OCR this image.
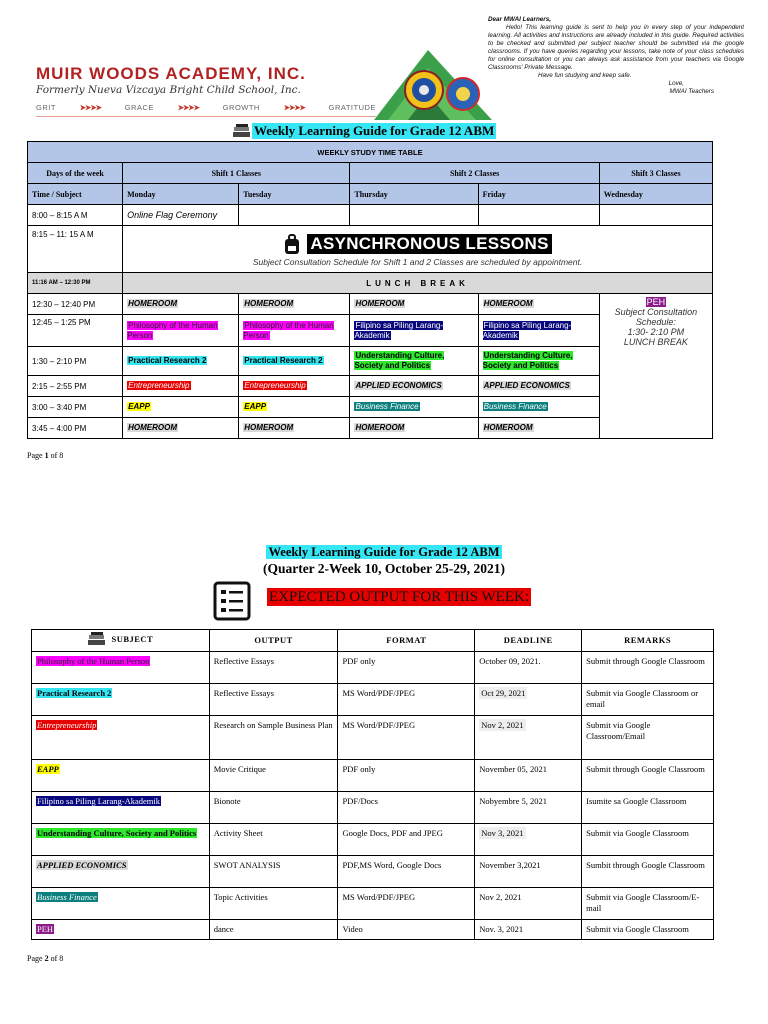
MUIR WOODS ACADEMY, INC.
Formerly Nueva Vizcaya Bright Child School, Inc.
GRIT	➤➤➤➤	GRACE	➤➤➤➤	GROWTH	➤➤➤➤	GRATITUDE
Dear MWAI Learners,
Hello! This learning guide is sent to help you in every step of your independent learning. All activities and instructions are already included in this guide. Required activities to be checked and submitted per subject teacher should be submitted via the google classrooms. If you have queries regarding your lessons, take note of your class schedules for online consultation or you can always ask assistance from your teachers via Google Classrooms' Private Message.
Have fun studying and keep safe.
Love,
MWAI Teachers
Weekly Learning Guide for Grade 12 ABM
WEEKLY STUDY TIME TABLE					
Days of the week	Shift 1 Classes		Shift 2 Classes		Shift 3 Classes
Time / Subject	Monday	Tuesday	Thursday	Friday	Wednesday
8:00 – 8:15 A M	Online Flag Ceremony				
8:15 – 11: 15 A M	ASYNCHRONOUS LESSONS
Subject Consultation Schedule for Shift 1 and 2 Classes are scheduled by appointment.				

11:16 AM – 12:30 PM	LUNCH BREAK				
12:30 – 12:40 PM	HOMEROOM	HOMEROOM	HOMEROOM	HOMEROOM	PEH
Subject Consultation
Schedule:
1:30- 2:10 PM
LUNCH BREAK
12:45 – 1:25 PM	Philosophy of the Human Person	Philosophy of the Human Person	Filipino sa Piling Larang-Akademik	Filipino sa Piling Larang-Akademik	
1:30 – 2:10 PM	Practical Research 2	Practical Research 2	Understanding Culture, Society and Politics	Understanding Culture, Society and Politics	
2:15 – 2:55 PM	Entrepreneurship	Entrepreneurship	APPLIED ECONOMICS	APPLIED ECONOMICS	
3:00 – 3:40 PM	EAPP	EAPP	Business Finance	Business Finance	
3:45 – 4:00 PM	HOMEROOM	HOMEROOM	HOMEROOM	HOMEROOM	
Page 1 of 8
Weekly Learning Guide for Grade 12 ABM
(Quarter 2-Week 10, October 25-29, 2021)
EXPECTED OUTPUT FOR THIS WEEK:
SUBJECT	OUTPUT	FORMAT	DEADLINE	REMARKS
Philosophy of the Human Person	Reflective Essays	PDF only	October 09, 2021.	Submit through Google Classroom
Practical Research 2	Reflective Essays	MS Word/PDF/JPEG	Oct 29, 2021	Submit via Google Classroom or email
Entrepreneurship	Research on Sample Business Plan	MS Word/PDF/JPEG	Nov 2, 2021	Submit via Google Classroom/Email
EAPP	Movie Critique	PDF only	November 05, 2021	Submit through Google Classroom
Filipino sa Piling Larang-Akademik	Bionote	PDF/Docs	Nobyembre 5, 2021	Isumite sa Google Classroom
Understanding Culture, Society and Politics	Activity Sheet	Google Docs, PDF and JPEG	Nov 3, 2021	Submit via Google Classroom
APPLIED ECONOMICS	SWOT ANALYSIS	PDF,MS Word, Google Docs	November 3,2021	Sumbit through Google Classroom
Business Finance	Topic Activities	MS Word/PDF/JPEG	Nov 2, 2021	Submit via Google Classroom/E-mail
PEH	dance	Video	Nov. 3, 2021	Submit via Google Classroom
Page 2 of 8
